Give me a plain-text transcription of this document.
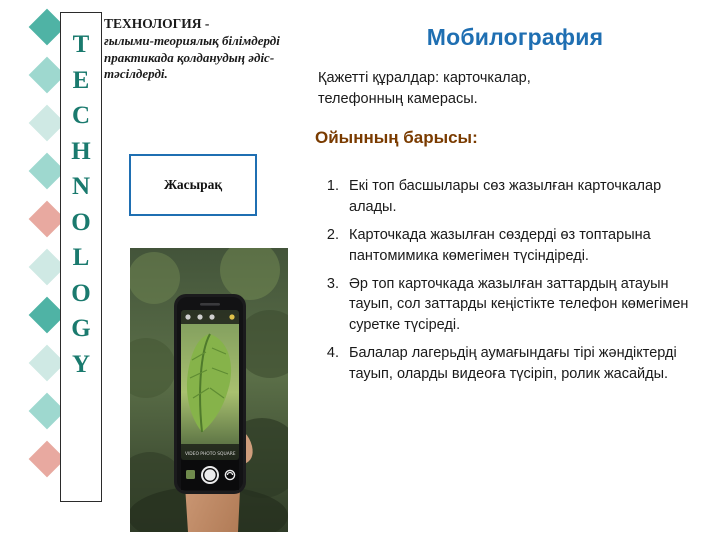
T
E
C
H
N
O
L
O
G
Y
ТЕХНОЛОГИЯ -
ғылыми-теориялық білімдерді практикада қолданудың әдіс-тәсілдерді.
Жасырақ
VIDEO PHOTO SQUARE
Мобилография
Қажетті құралдар: карточкалар, телефонның камерасы.
Ойынның барысы:
Екі топ басшылары сөз жазылған карточкалар алады.
Карточкада жазылған сөздерді өз топтарына пантомимика көмегімен түсіндіреді.
Әр топ карточкада жазылған заттардың атауын тауып, сол заттарды кеңістікте телефон көмегімен суретке түсіреді.
Балалар лагерьдің аумағындағы тірі жәндіктерді тауып, оларды видеоға түсіріп, ролик жасайды.
